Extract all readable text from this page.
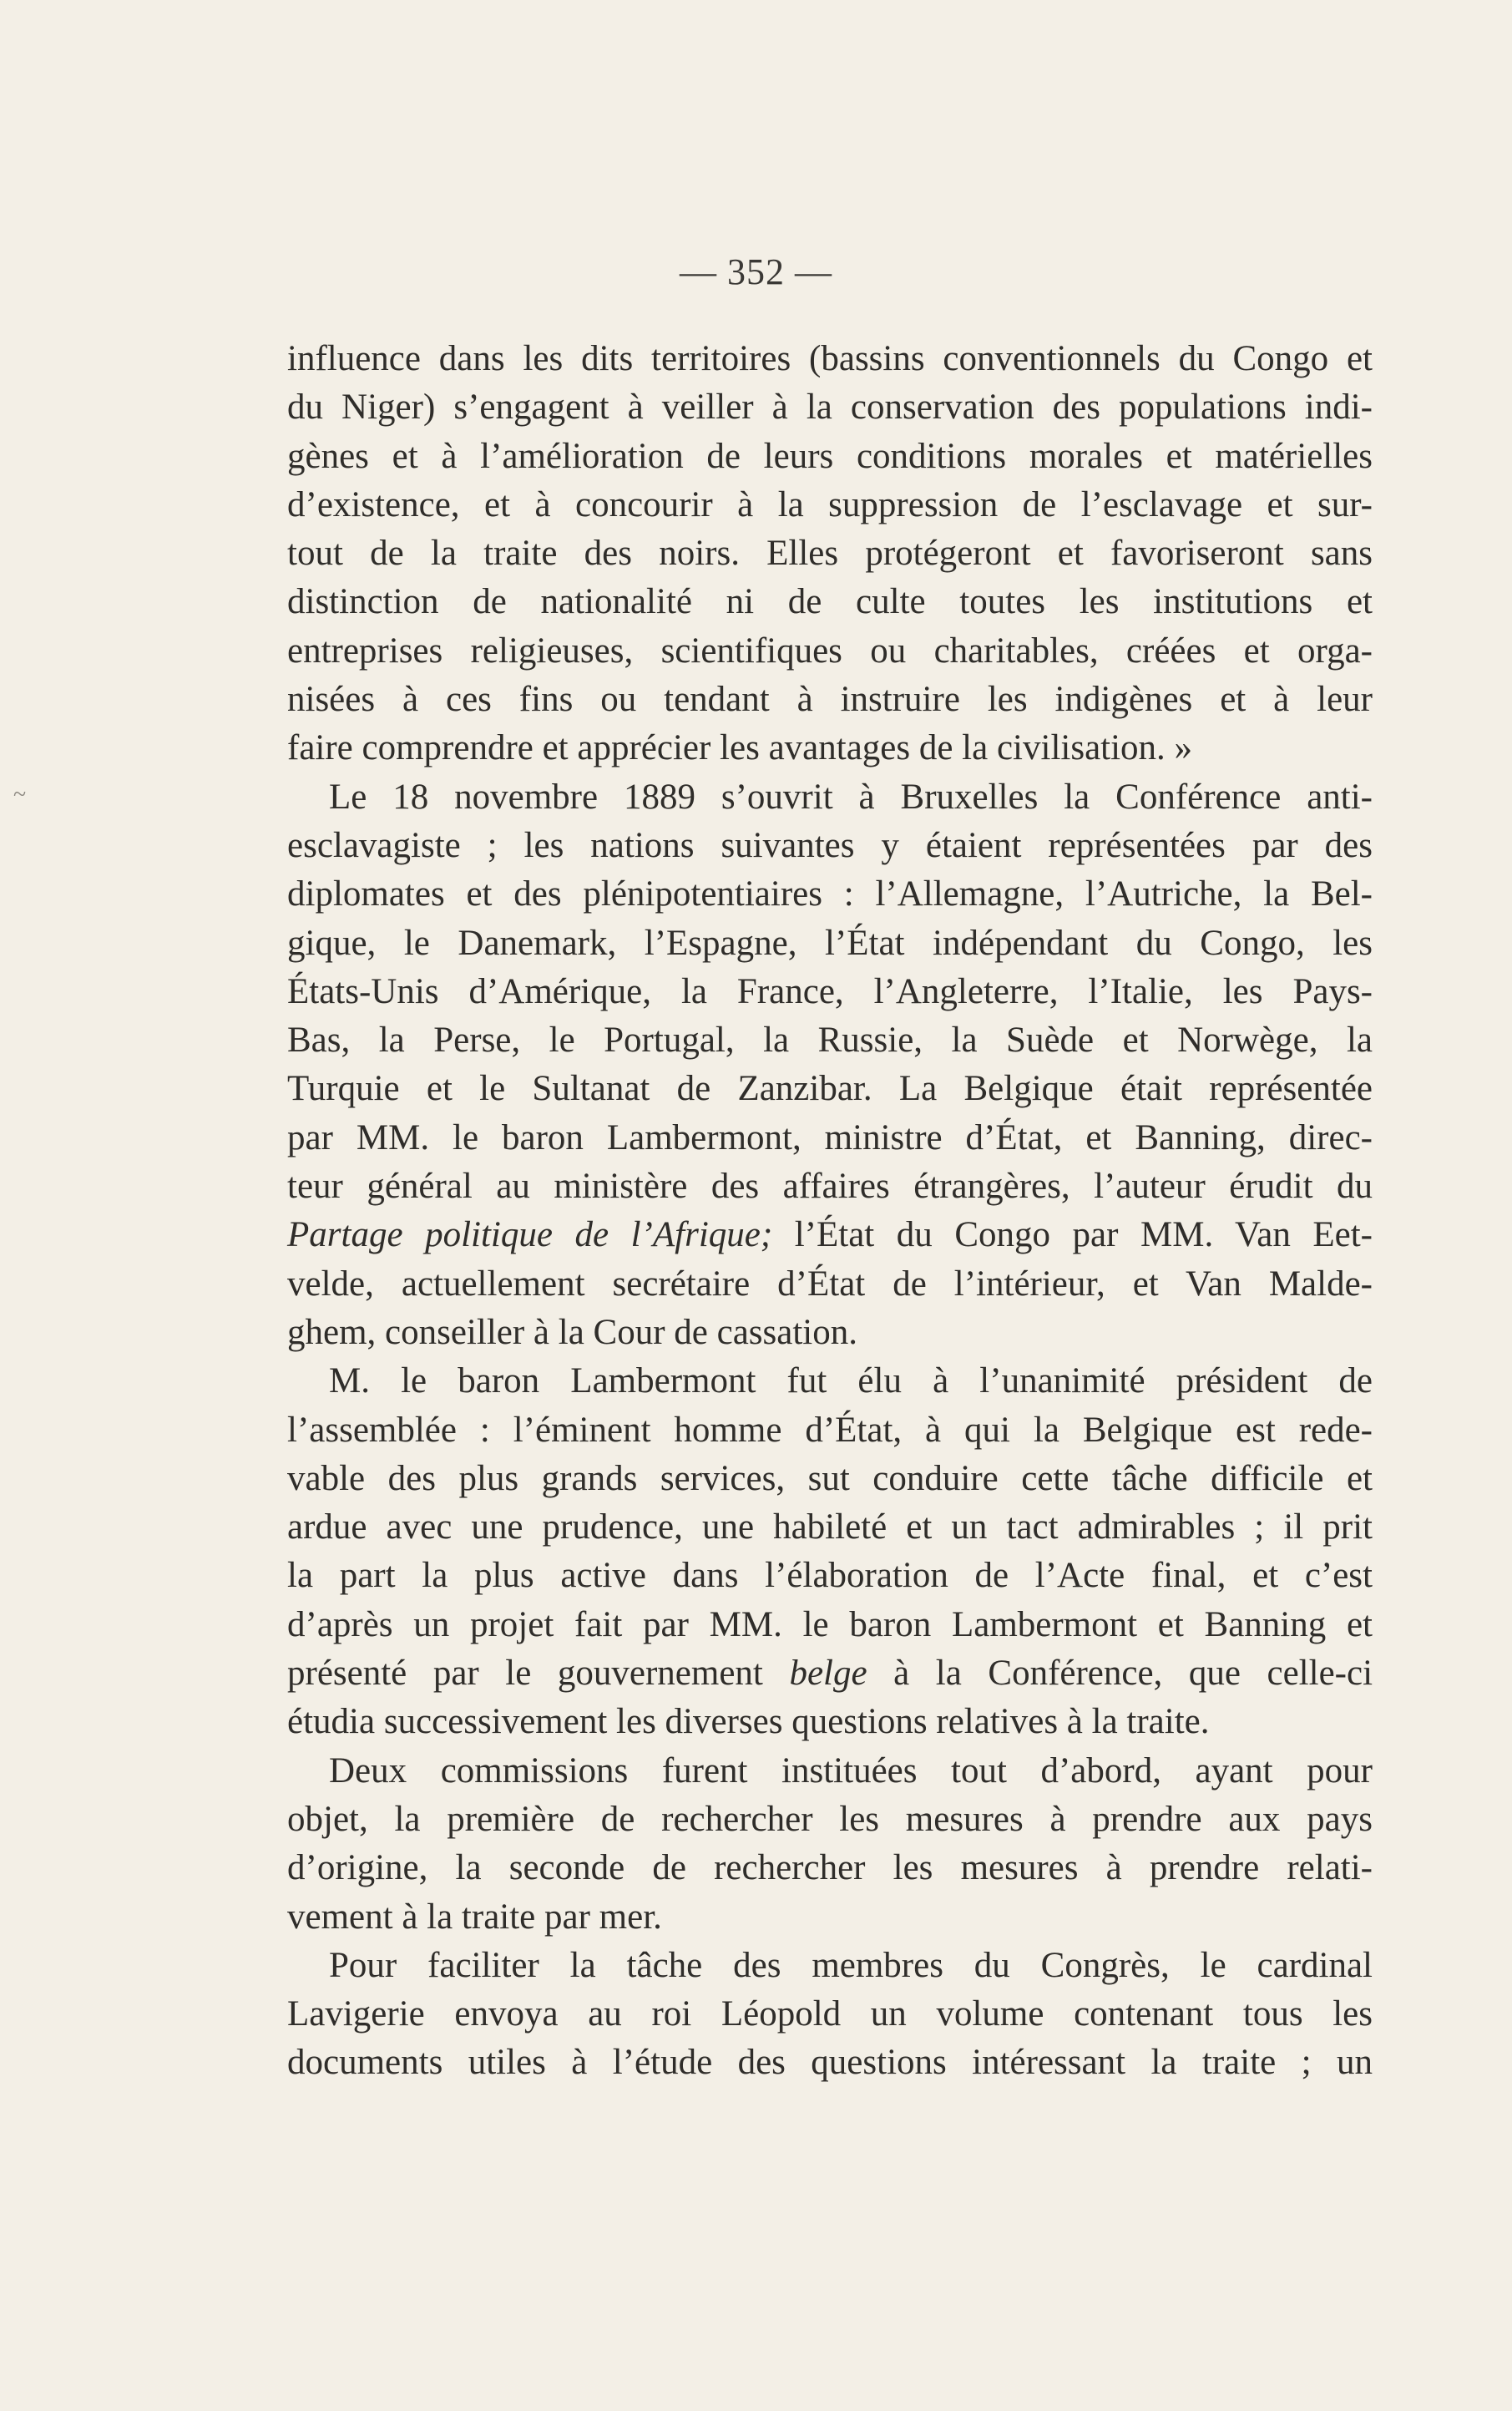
— 352 —
~
influence dans les dits territoires (bassins conventionnels du Congo et
du Niger) s’engagent à veiller à la conservation des populations indi-
gènes et à l’amélioration de leurs conditions morales et matérielles
d’existence, et à concourir à la suppression de l’esclavage et sur-
tout de la traite des noirs. Elles protégeront et favoriseront sans
distinction de nationalité ni de culte toutes les institutions et
entreprises religieuses, scientifiques ou charitables, créées et orga-
nisées à ces fins ou tendant à instruire les indigènes et à leur
faire comprendre et apprécier les avantages de la civilisation. »
Le 18 novembre 1889 s’ouvrit à Bruxelles la Conférence anti-
esclavagiste ; les nations suivantes y étaient représentées par des
diplomates et des plénipotentiaires : l’Allemagne, l’Autriche, la Bel-
gique, le Danemark, l’Espagne, l’État indépendant du Congo, les
États-Unis d’Amérique, la France, l’Angleterre, l’Italie, les Pays-
Bas, la Perse, le Portugal, la Russie, la Suède et Norwège, la
Turquie et le Sultanat de Zanzibar. La Belgique était représentée
par MM. le baron Lambermont, ministre d’État, et Banning, direc-
teur général au ministère des affaires étrangères, l’auteur érudit du
Partage politique de l’Afrique; l’État du Congo par MM. Van Eet-
velde, actuellement secrétaire d’État de l’intérieur, et Van Malde-
ghem, conseiller à la Cour de cassation.
M. le baron Lambermont fut élu à l’unanimité président de
l’assemblée : l’éminent homme d’État, à qui la Belgique est rede-
vable des plus grands services, sut conduire cette tâche difficile et
ardue avec une prudence, une habileté et un tact admirables ; il prit
la part la plus active dans l’élaboration de l’Acte final, et c’est
d’après un projet fait par MM. le baron Lambermont et Banning et
présenté par le gouvernement belge à la Conférence, que celle-ci
étudia successivement les diverses questions relatives à la traite.
Deux commissions furent instituées tout d’abord, ayant pour
objet, la première de rechercher les mesures à prendre aux pays
d’origine, la seconde de rechercher les mesures à prendre relati-
vement à la traite par mer.
Pour faciliter la tâche des membres du Congrès, le cardinal
Lavigerie envoya au roi Léopold un volume contenant tous les
documents utiles à l’étude des questions intéressant la traite ; un
